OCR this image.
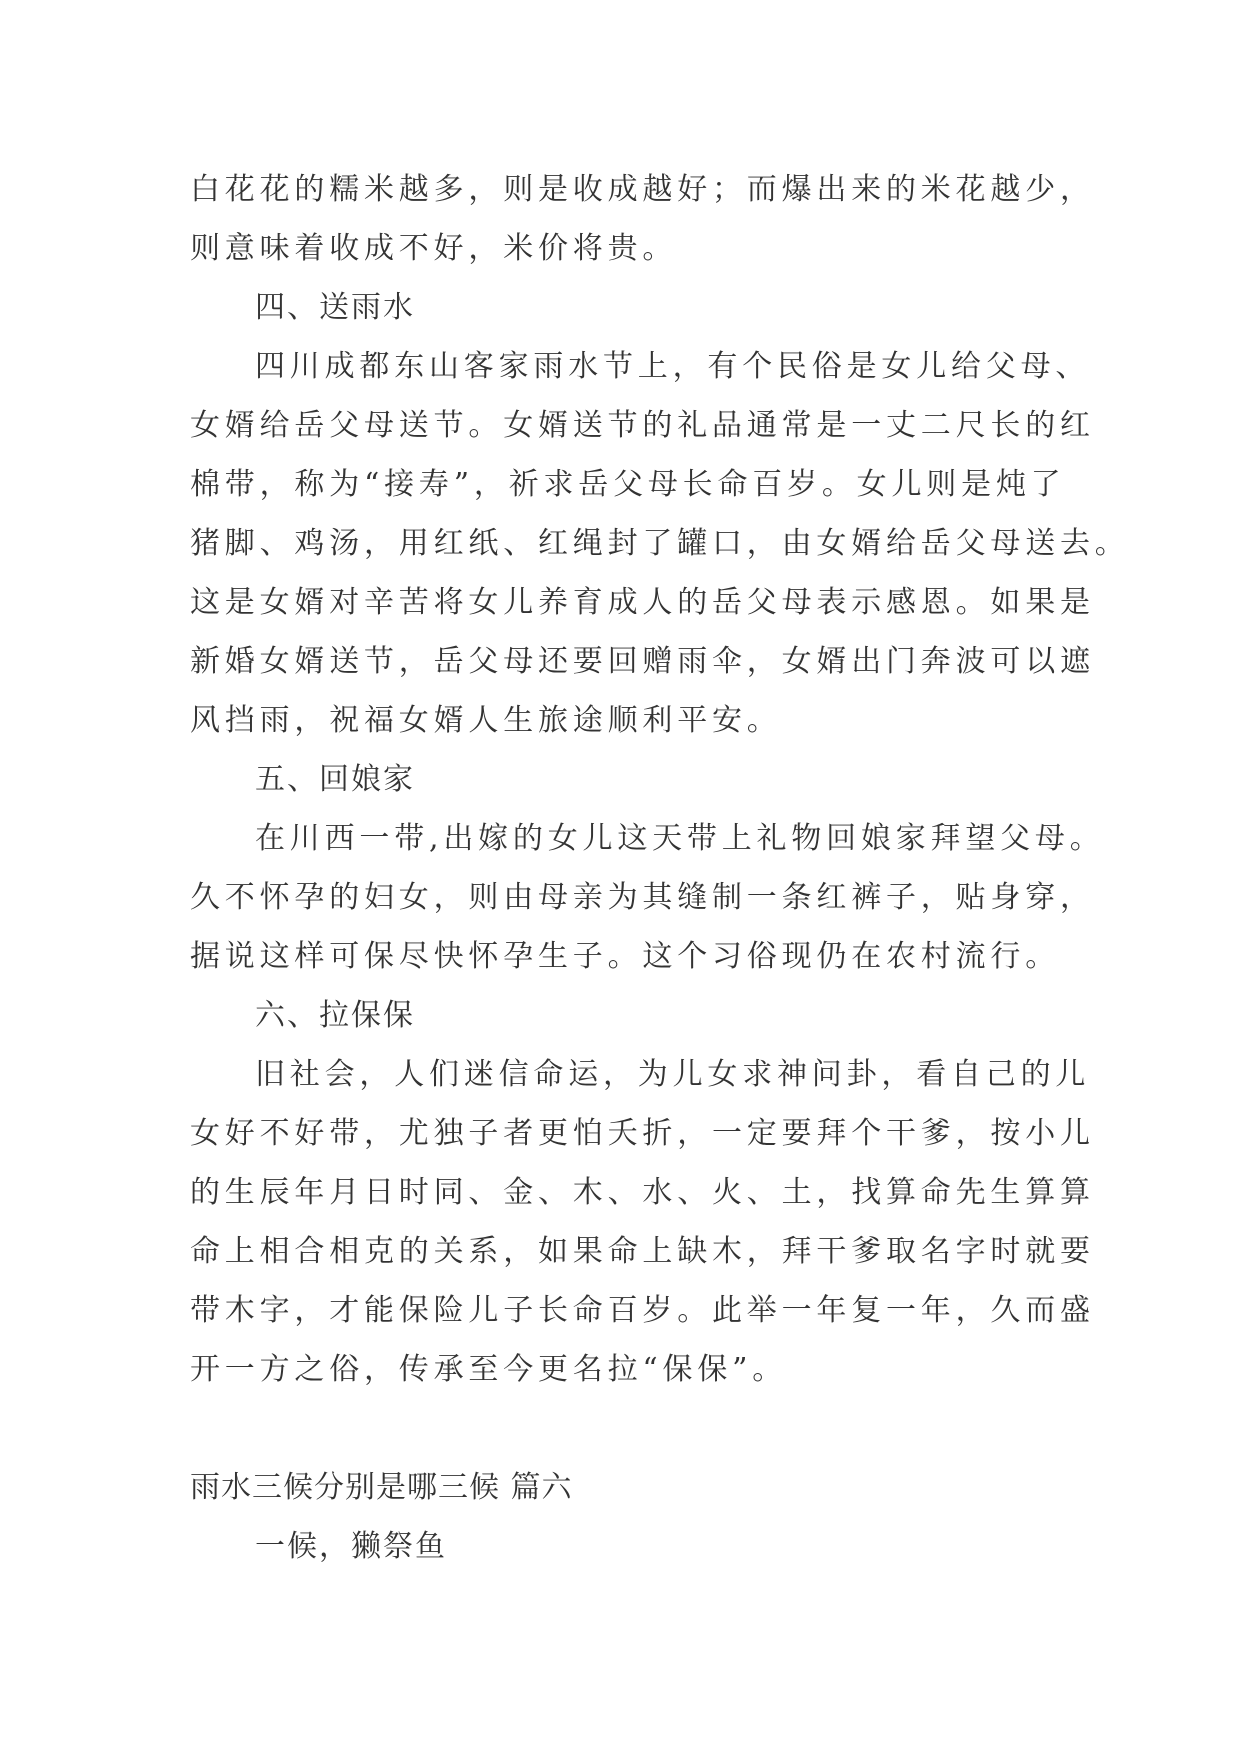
白花花的糯米越多，则是收成越好；而爆出来的米花越少，
则意味着收成不好，米价将贵。
四、送雨水
四川成都东山客家雨水节上，有个民俗是女儿给父母、
女婿给岳父母送节。女婿送节的礼品通常是一丈二尺长的红
棉带，称为“接寿”，祈求岳父母长命百岁。女儿则是炖了
猪脚、鸡汤，用红纸、红绳封了罐口，由女婿给岳父母送去。
这是女婿对辛苦将女儿养育成人的岳父母表示感恩。如果是
新婚女婿送节，岳父母还要回赠雨伞，女婿出门奔波可以遮
风挡雨，祝福女婿人生旅途顺利平安。
五、回娘家
在川西一带,出嫁的女儿这天带上礼物回娘家拜望父母。
久不怀孕的妇女，则由母亲为其缝制一条红裤子，贴身穿，
据说这样可保尽快怀孕生子。这个习俗现仍在农村流行。
六、拉保保
旧社会，人们迷信命运，为儿女求神问卦，看自己的儿
女好不好带，尤独子者更怕夭折，一定要拜个干爹，按小儿
的生辰年月日时同、金、木、水、火、土，找算命先生算算
命上相合相克的关系，如果命上缺木，拜干爹取名字时就要
带木字，才能保险儿子长命百岁。此举一年复一年，久而盛
开一方之俗，传承至今更名拉“保保”。
雨水三候分别是哪三候 篇六
一候，獭祭鱼
